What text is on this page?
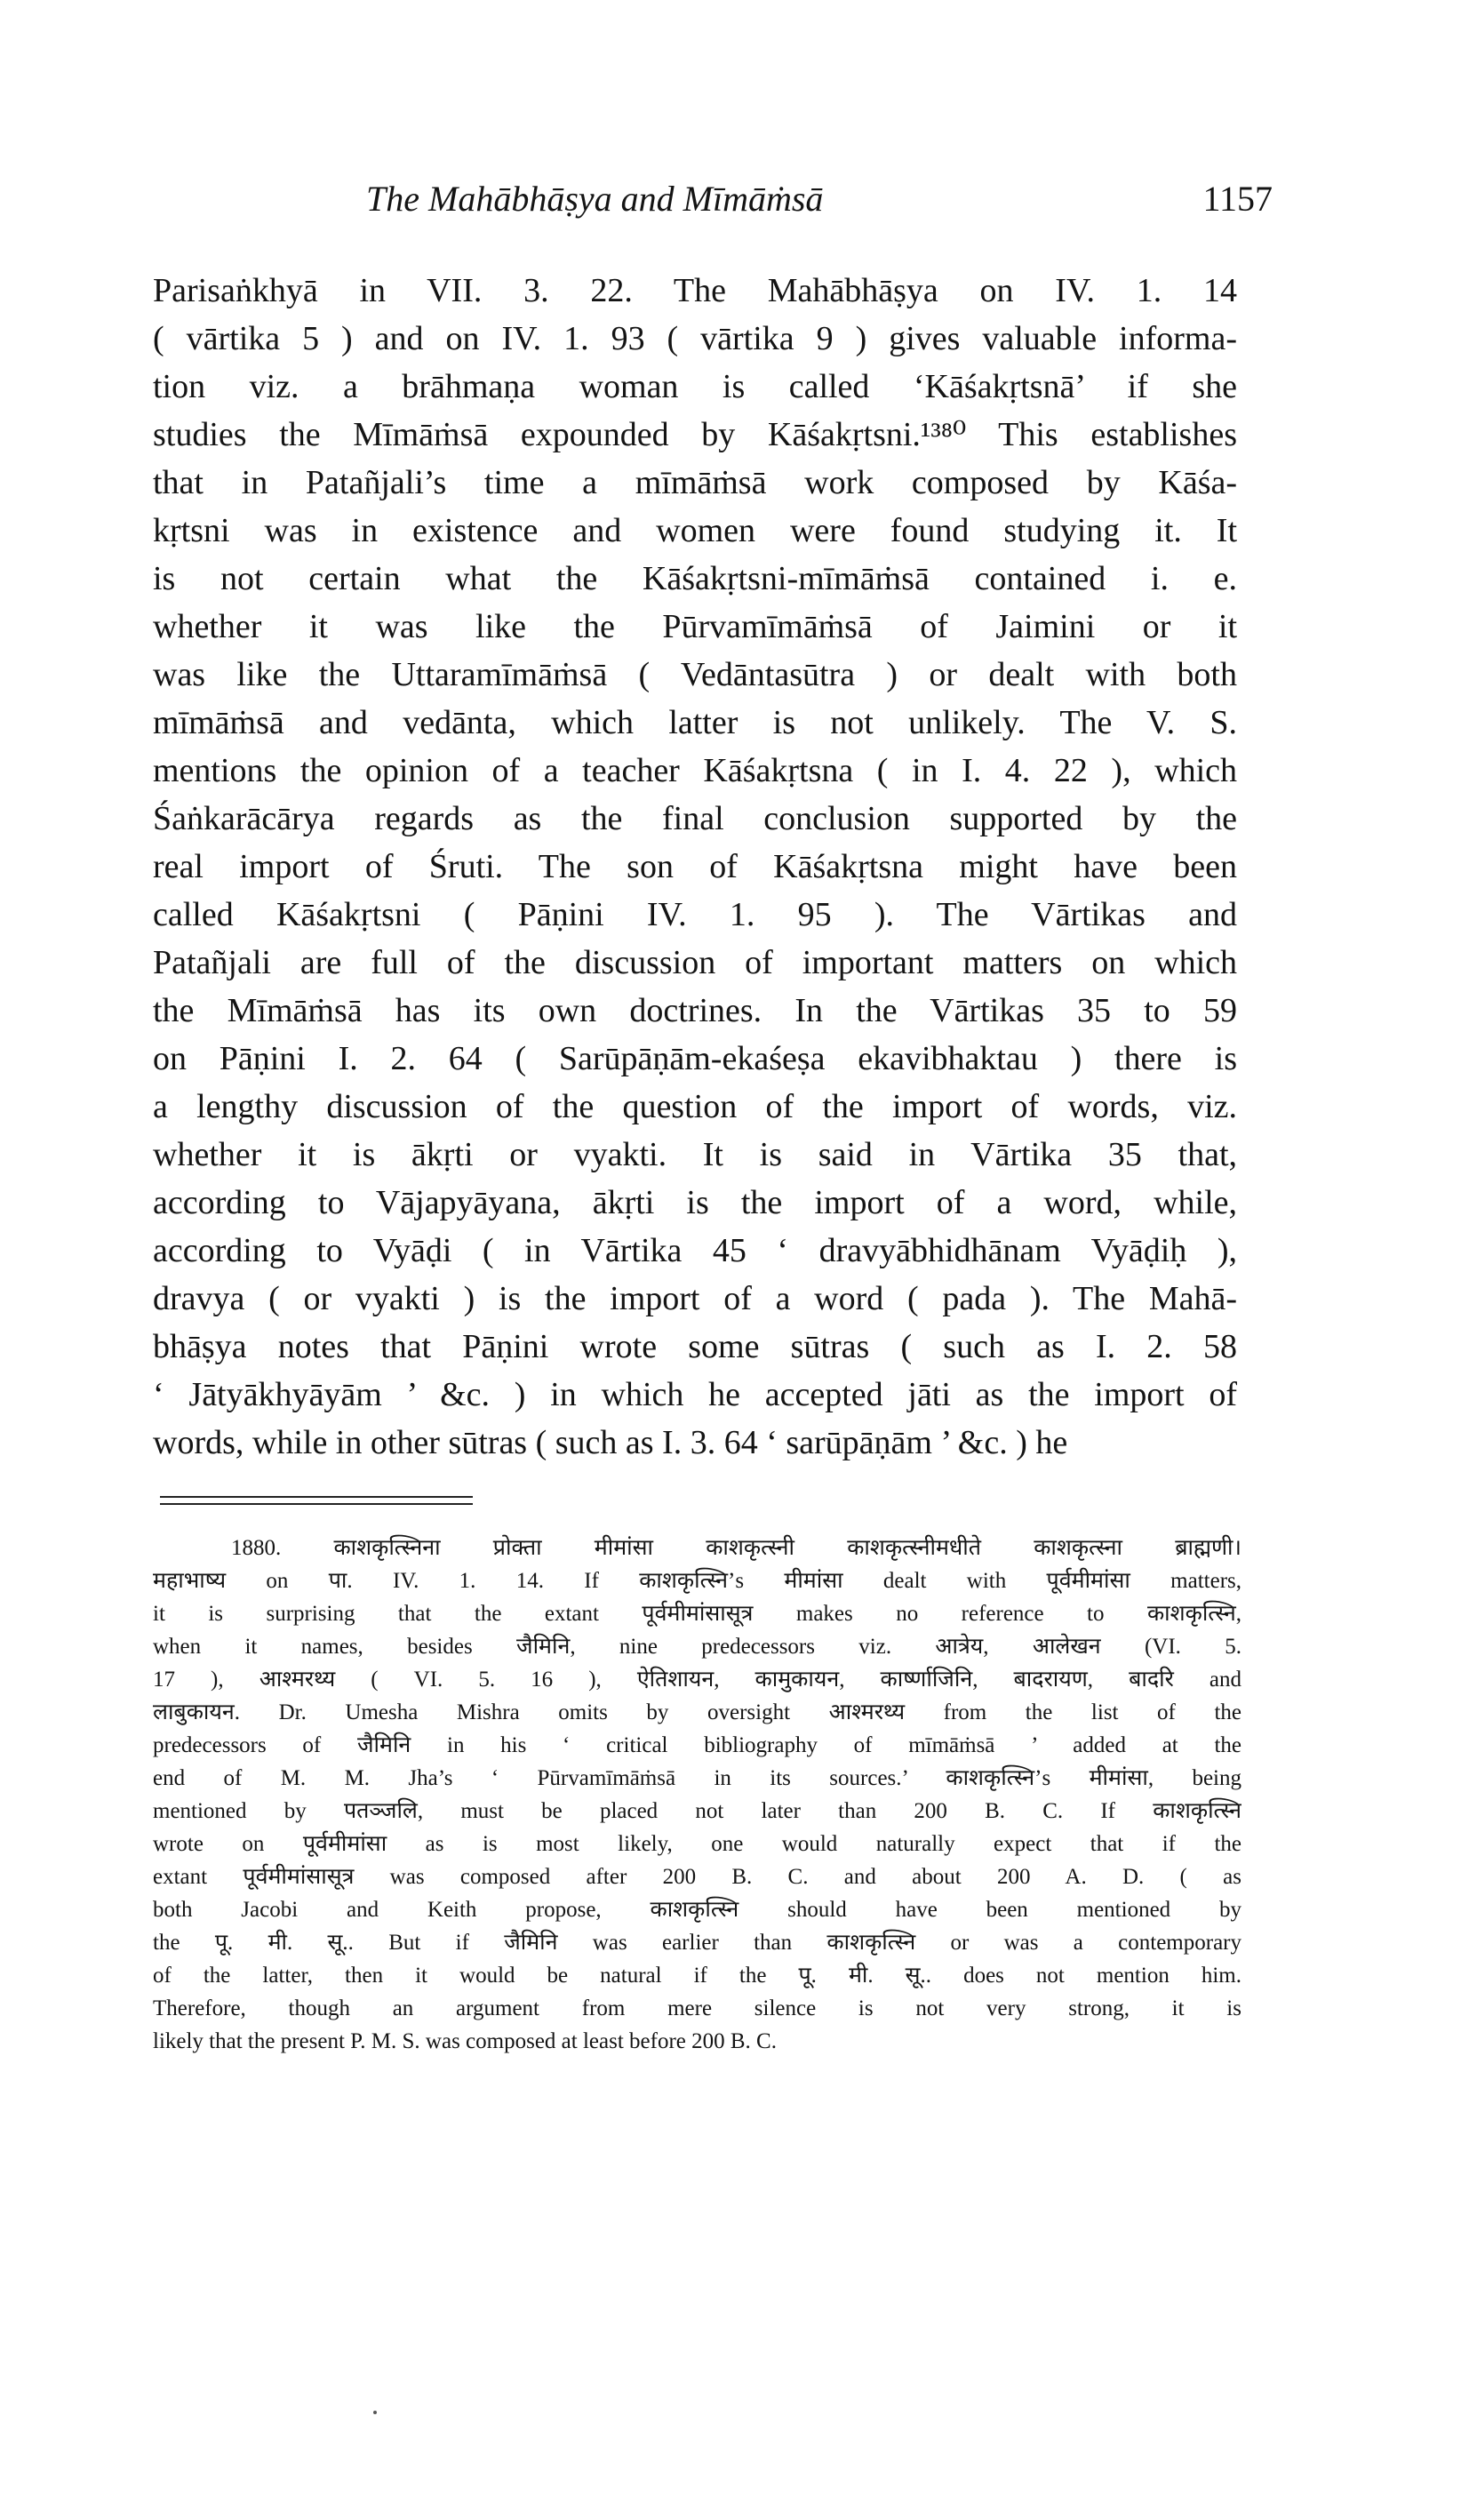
The Mahābhāṣya and Mīmāṁsā	1157
Parisaṅkhyā in VII. 3. 22. The Mahābhāṣya on IV. 1. 14
( vārtika 5 ) and on IV. 1. 93 ( vārtika 9 ) gives valuable informa-
tion viz. a brāhmaṇa woman is called ‘Kāśakṛtsnā’ if she
studies the Mīmāṁsā expounded by Kāśakṛtsni.¹³⁸⁰ This establishes
that in Patañjali’s time a mīmāṁsā work composed by Kāśa-
kṛtsni was in existence and women were found studying it. It
is not certain what the Kāśakṛtsni-mīmāṁsā contained i. e.
whether it was like the Pūrvamīmāṁsā of Jaimini or it
was like the Uttaramīmāṁsā ( Vedāntasūtra ) or dealt with both
mīmāṁsā and vedānta, which latter is not unlikely. The V. S.
mentions the opinion of a teacher Kāśakṛtsna ( in I. 4. 22 ), which
Śaṅkarācārya regards as the final conclusion supported by the
real import of Śruti. The son of Kāśakṛtsna might have been
called Kāśakṛtsni ( Pāṇini IV. 1. 95 ). The Vārtikas and
Patañjali are full of the discussion of important matters on which
the Mīmāṁsā has its own doctrines. In the Vārtikas 35 to 59
on Pāṇini I. 2. 64 ( Sarūpāṇām-ekaśeṣa ekavibhaktau ) there is
a lengthy discussion of the question of the import of words, viz.
whether it is ākṛti or vyakti. It is said in Vārtika 35 that,
according to Vājapyāyana, ākṛti is the import of a word, while,
according to Vyāḍi ( in Vārtika 45 ‘ dravyābhidhānam Vyāḍiḥ ),
dravya ( or vyakti ) is the import of a word ( pada ). The Mahā-
bhāṣya notes that Pāṇini wrote some sūtras ( such as I. 2. 58
‘ Jātyākhyāyām ’ &c. ) in which he accepted jāti as the import of
words, while in other sūtras ( such as I. 3. 64 ‘ sarūpāṇām ’ &c. ) he
1880. काशकृत्स्निना प्रोक्ता मीमांसा काशकृत्स्नी काशकृत्स्नीमधीते काशकृत्स्ना ब्राह्मणी।
महाभाष्य on पा. IV. 1. 14. If काशकृत्स्नि’s मीमांसा dealt with पूर्वमीमांसा matters,
it is surprising that the extant पूर्वमीमांसासूत्र makes no reference to काशकृत्स्नि,
when it names, besides जैमिनि, nine predecessors viz. आत्रेय, आलेखन (VI. 5.
17 ), आश्मरथ्य ( VI. 5. 16 ), ऐतिशायन, कामुकायन, कार्ष्णाजिनि, बादरायण, बादरि and
लाबुकायन. Dr. Umesha Mishra omits by oversight आश्मरथ्य from the list of the
predecessors of जैमिनि in his ‘ critical bibliography of mīmāṁsā ’ added at the
end of M. M. Jha’s ‘ Pūrvamīmāṁsā in its sources.’ काशकृत्स्नि’s मीमांसा, being
mentioned by पतञ्जलि, must be placed not later than 200 B. C. If काशकृत्स्नि
wrote on पूर्वमीमांसा as is most likely, one would naturally expect that if the
extant पूर्वमीमांसासूत्र was composed after 200 B. C. and about 200 A. D. ( as
both Jacobi and Keith propose, काशकृत्स्नि should have been mentioned by
the पू. मी. सू.. But if जैमिनि was earlier than काशकृत्स्नि or was a contemporary
of the latter, then it would be natural if the पू. मी. सू.. does not mention him.
Therefore, though an argument from mere silence is not very strong, it is
likely that the present P. M. S. was composed at least before 200 B. C.
